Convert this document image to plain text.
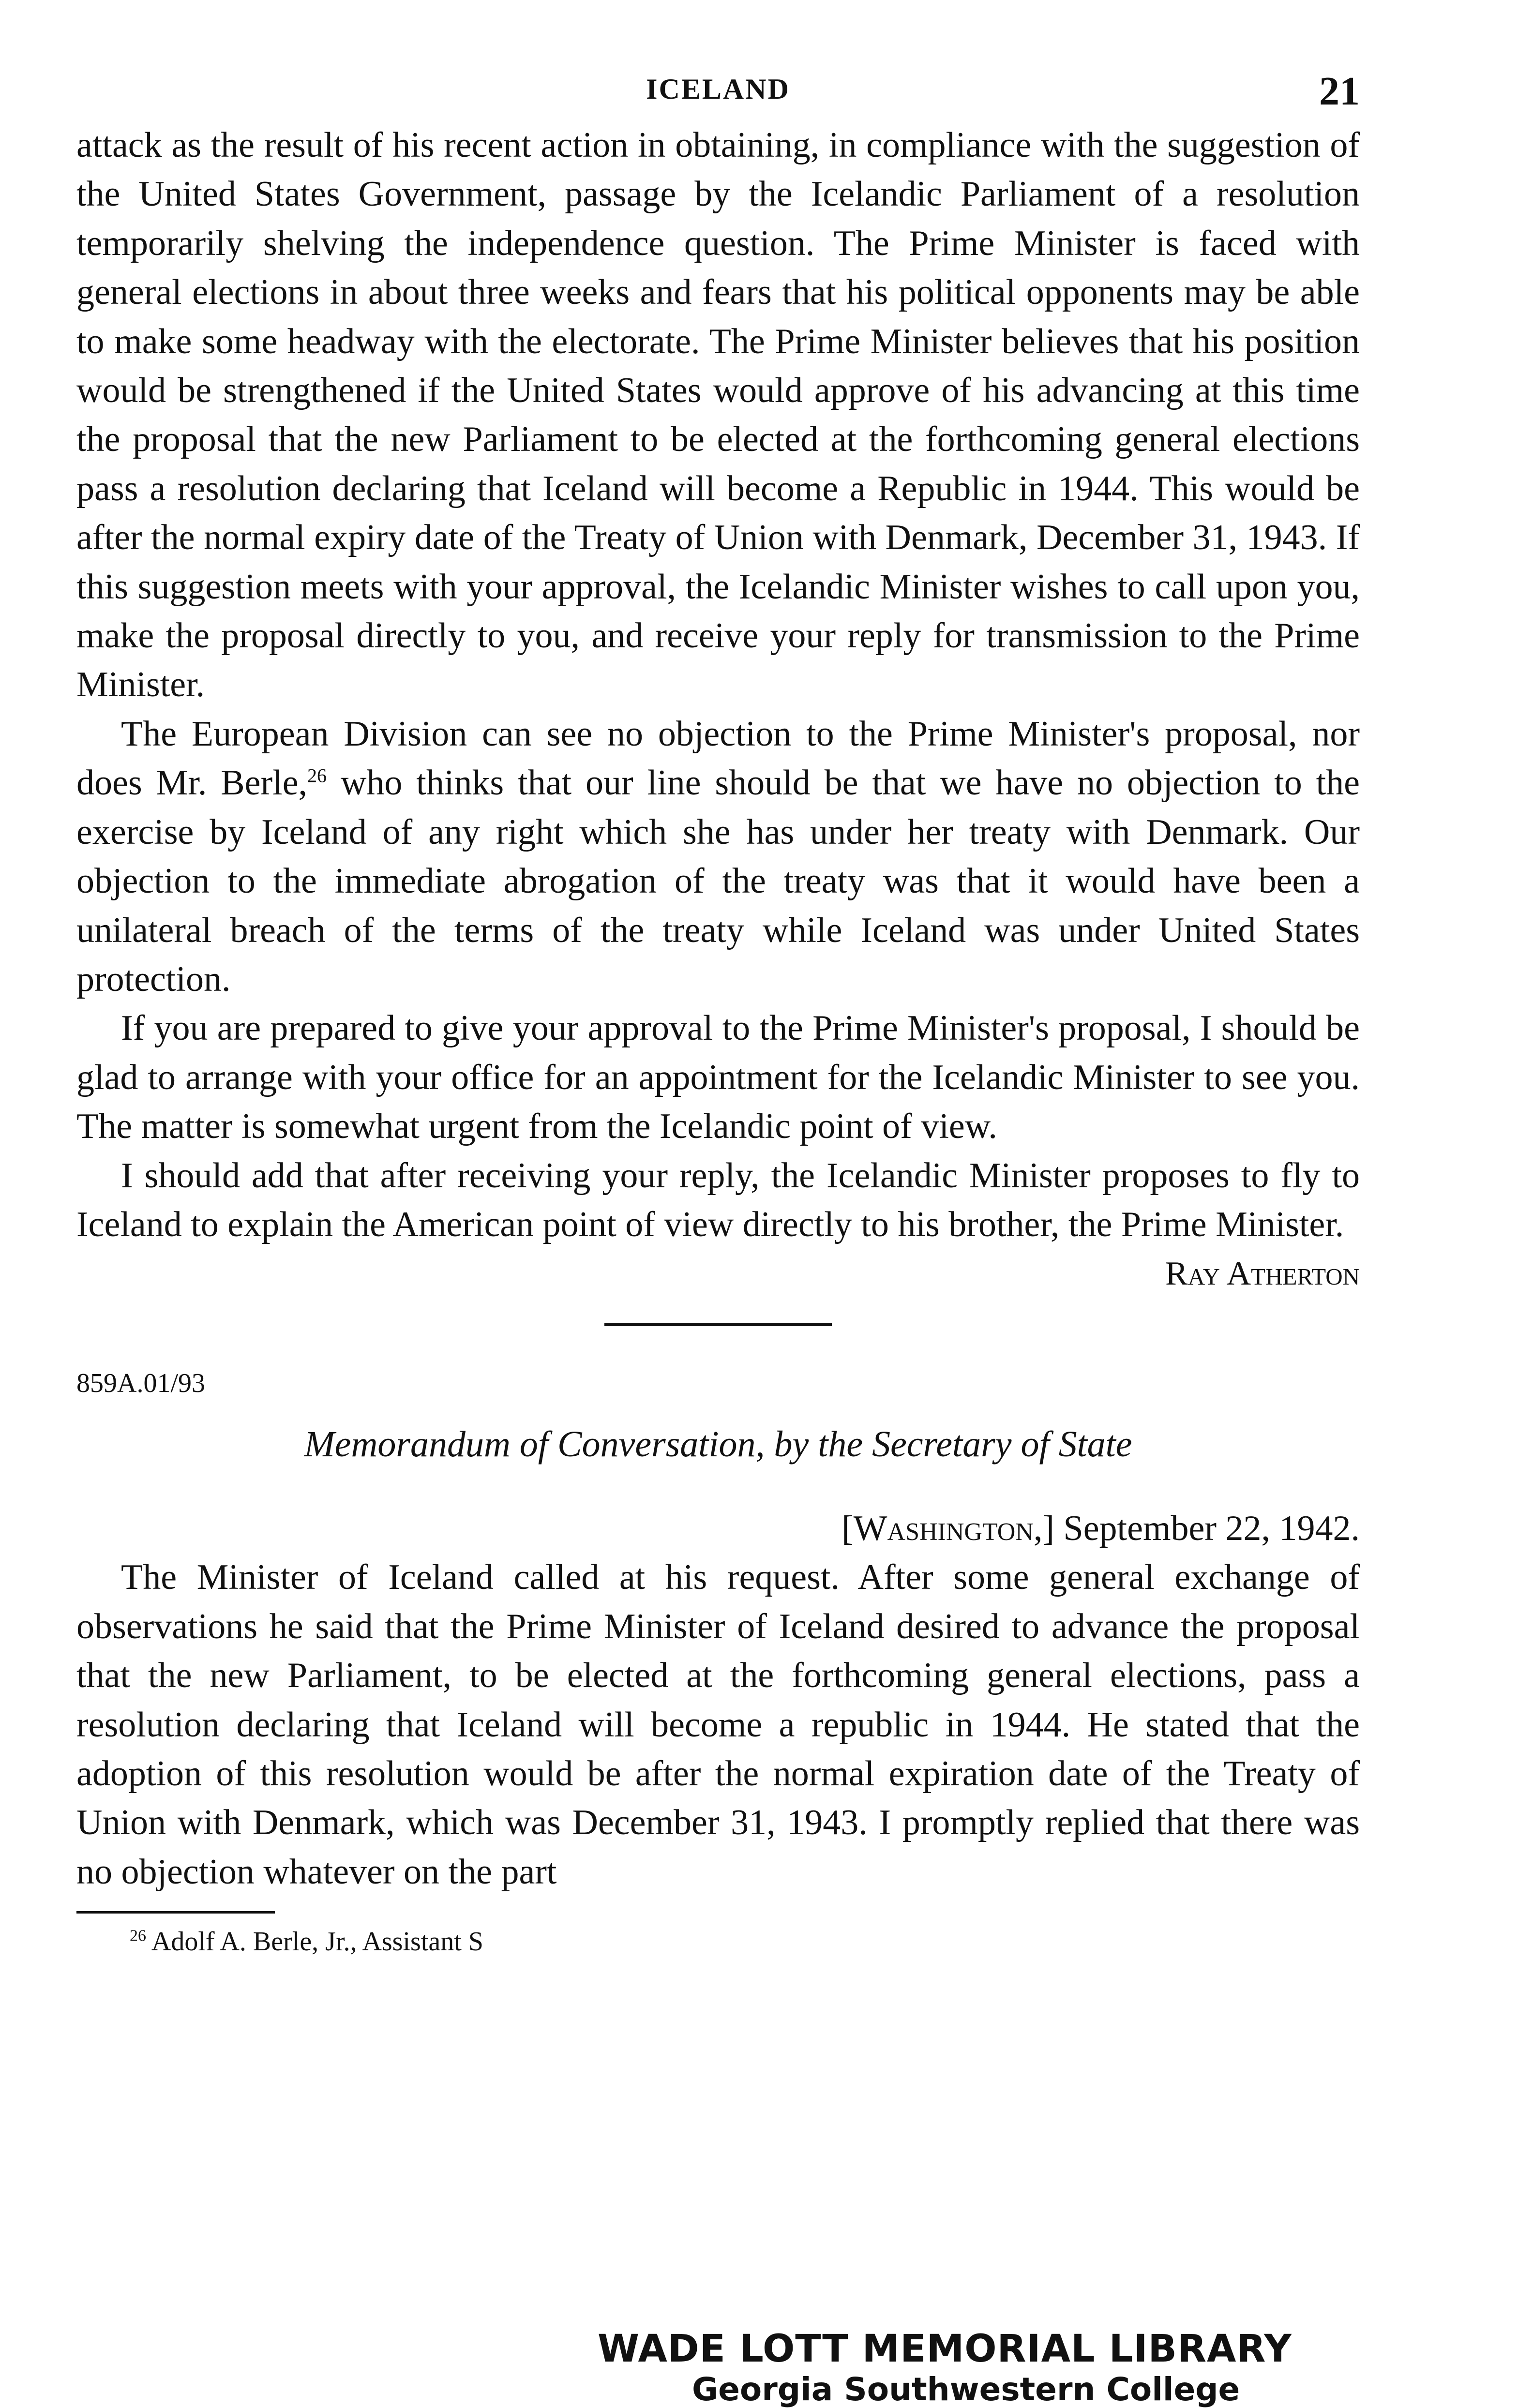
ICELAND	21

attack as the result of his recent action in obtaining, in compliance with the suggestion of the United States Government, passage by the Icelandic Parliament of a resolution temporarily shelving the independence question. The Prime Minister is faced with general elections in about three weeks and fears that his political opponents may be able to make some headway with the electorate. The Prime Minister believes that his position would be strengthened if the United States would approve of his advancing at this time the proposal that the new Parliament to be elected at the forthcoming general elections pass a resolution declaring that Iceland will become a Republic in 1944. This would be after the normal expiry date of the Treaty of Union with Denmark, December 31, 1943. If this suggestion meets with your approval, the Icelandic Minister wishes to call upon you, make the proposal directly to you, and receive your reply for transmission to the Prime Minister.

The European Division can see no objection to the Prime Minister's proposal, nor does Mr. Berle,$^{26}$ who thinks that our line should be that we have no objection to the exercise by Iceland of any right which she has under her treaty with Denmark. Our objection to the immediate abrogation of the treaty was that it would have been a unilateral breach of the terms of the treaty while Iceland was under United States protection.

If you are prepared to give your approval to the Prime Minister's proposal, I should be glad to arrange with your office for an appointment for the Icelandic Minister to see you. The matter is somewhat urgent from the Icelandic point of view.

I should add that after receiving your reply, the Icelandic Minister proposes to fly to Iceland to explain the American point of view directly to his brother, the Prime Minister.

Ray Atherton
859A.01/93
Memorandum of Conversation, by the Secretary of State
[Washington,] September 22, 1942.

The Minister of Iceland called at his request. After some general exchange of observations he said that the Prime Minister of Iceland desired to advance the proposal that the new Parliament, to be elected at the forthcoming general elections, pass a resolution declaring that Iceland will become a republic in 1944. He stated that the adoption of this resolution would be after the normal expiration date of the Treaty of Union with Denmark, which was December 31, 1943. I promptly replied that there was no objection whatever on the part

$^{26}$ Adolf A. Berle, Jr., Assistant S
WADE LOTT MEMORIAL LIBRARY
Georgia Southwestern College
